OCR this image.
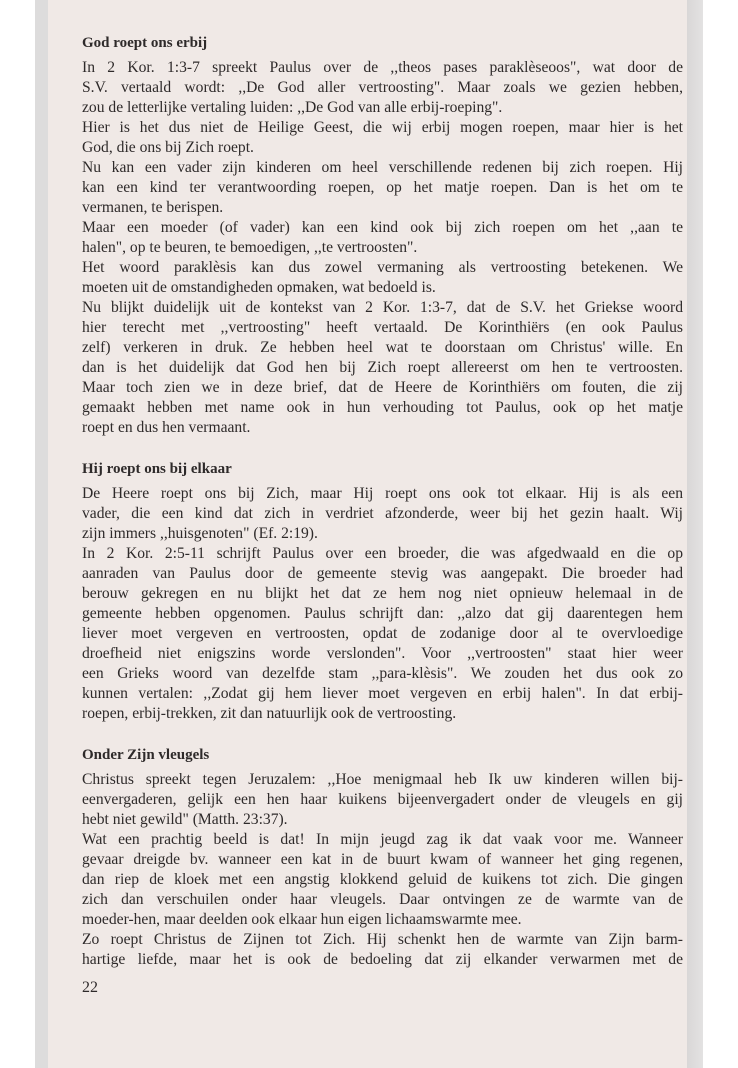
God roept ons erbij
In 2 Kor. 1:3-7 spreekt Paulus over de ,,theos pases paraklèseoos", wat door de
S.V. vertaald wordt: ,,De God aller vertroosting". Maar zoals we gezien hebben,
zou de letterlijke vertaling luiden: ,,De God van alle erbij-roeping".
Hier is het dus niet de Heilige Geest, die wij erbij mogen roepen, maar hier is het
God, die ons bij Zich roept.
Nu kan een vader zijn kinderen om heel verschillende redenen bij zich roepen. Hij
kan een kind ter verantwoording roepen, op het matje roepen. Dan is het om te
vermanen, te berispen.
Maar een moeder (of vader) kan een kind ook bij zich roepen om het ,,aan te
halen", op te beuren, te bemoedigen, ,,te vertroosten".
Het woord paraklèsis kan dus zowel vermaning als vertroosting betekenen. We
moeten uit de omstandigheden opmaken, wat bedoeld is.
Nu blijkt duidelijk uit de kontekst van 2 Kor. 1:3-7, dat de S.V. het Griekse woord
hier terecht met ,,vertroosting" heeft vertaald. De Korinthiërs (en ook Paulus
zelf) verkeren in druk. Ze hebben heel wat te doorstaan om Christus' wille. En
dan is het duidelijk dat God hen bij Zich roept allereerst om hen te vertroosten.
Maar toch zien we in deze brief, dat de Heere de Korinthiërs om fouten, die zij
gemaakt hebben met name ook in hun verhouding tot Paulus, ook op het matje
roept en dus hen vermaant.
Hij roept ons bij elkaar
De Heere roept ons bij Zich, maar Hij roept ons ook tot elkaar. Hij is als een
vader, die een kind dat zich in verdriet afzonderde, weer bij het gezin haalt. Wij
zijn immers ,,huisgenoten" (Ef. 2:19).
In 2 Kor. 2:5-11 schrijft Paulus over een broeder, die was afgedwaald en die op
aanraden van Paulus door de gemeente stevig was aangepakt. Die broeder had
berouw gekregen en nu blijkt het dat ze hem nog niet opnieuw helemaal in de
gemeente hebben opgenomen. Paulus schrijft dan: ,,alzo dat gij daarentegen hem
liever moet vergeven en vertroosten, opdat de zodanige door al te overvloedige
droefheid niet enigszins worde verslonden". Voor ,,vertroosten" staat hier weer
een Grieks woord van dezelfde stam ,,para-klèsis". We zouden het dus ook zo
kunnen vertalen: ,,Zodat gij hem liever moet vergeven en erbij halen". In dat erbij-
roepen, erbij-trekken, zit dan natuurlijk ook de vertroosting.
Onder Zijn vleugels
Christus spreekt tegen Jeruzalem: ,,Hoe menigmaal heb Ik uw kinderen willen bij-
eenvergaderen, gelijk een hen haar kuikens bijeenvergadert onder de vleugels en gij
hebt niet gewild" (Matth. 23:37).
Wat een prachtig beeld is dat! In mijn jeugd zag ik dat vaak voor me. Wanneer
gevaar dreigde bv. wanneer een kat in de buurt kwam of wanneer het ging regenen,
dan riep de kloek met een angstig klokkend geluid de kuikens tot zich. Die gingen
zich dan verschuilen onder haar vleugels. Daar ontvingen ze de warmte van de
moeder-hen, maar deelden ook elkaar hun eigen lichaamswarmte mee.
Zo roept Christus de Zijnen tot Zich. Hij schenkt hen de warmte van Zijn barm-
hartige liefde, maar het is ook de bedoeling dat zij elkander verwarmen met de
22
